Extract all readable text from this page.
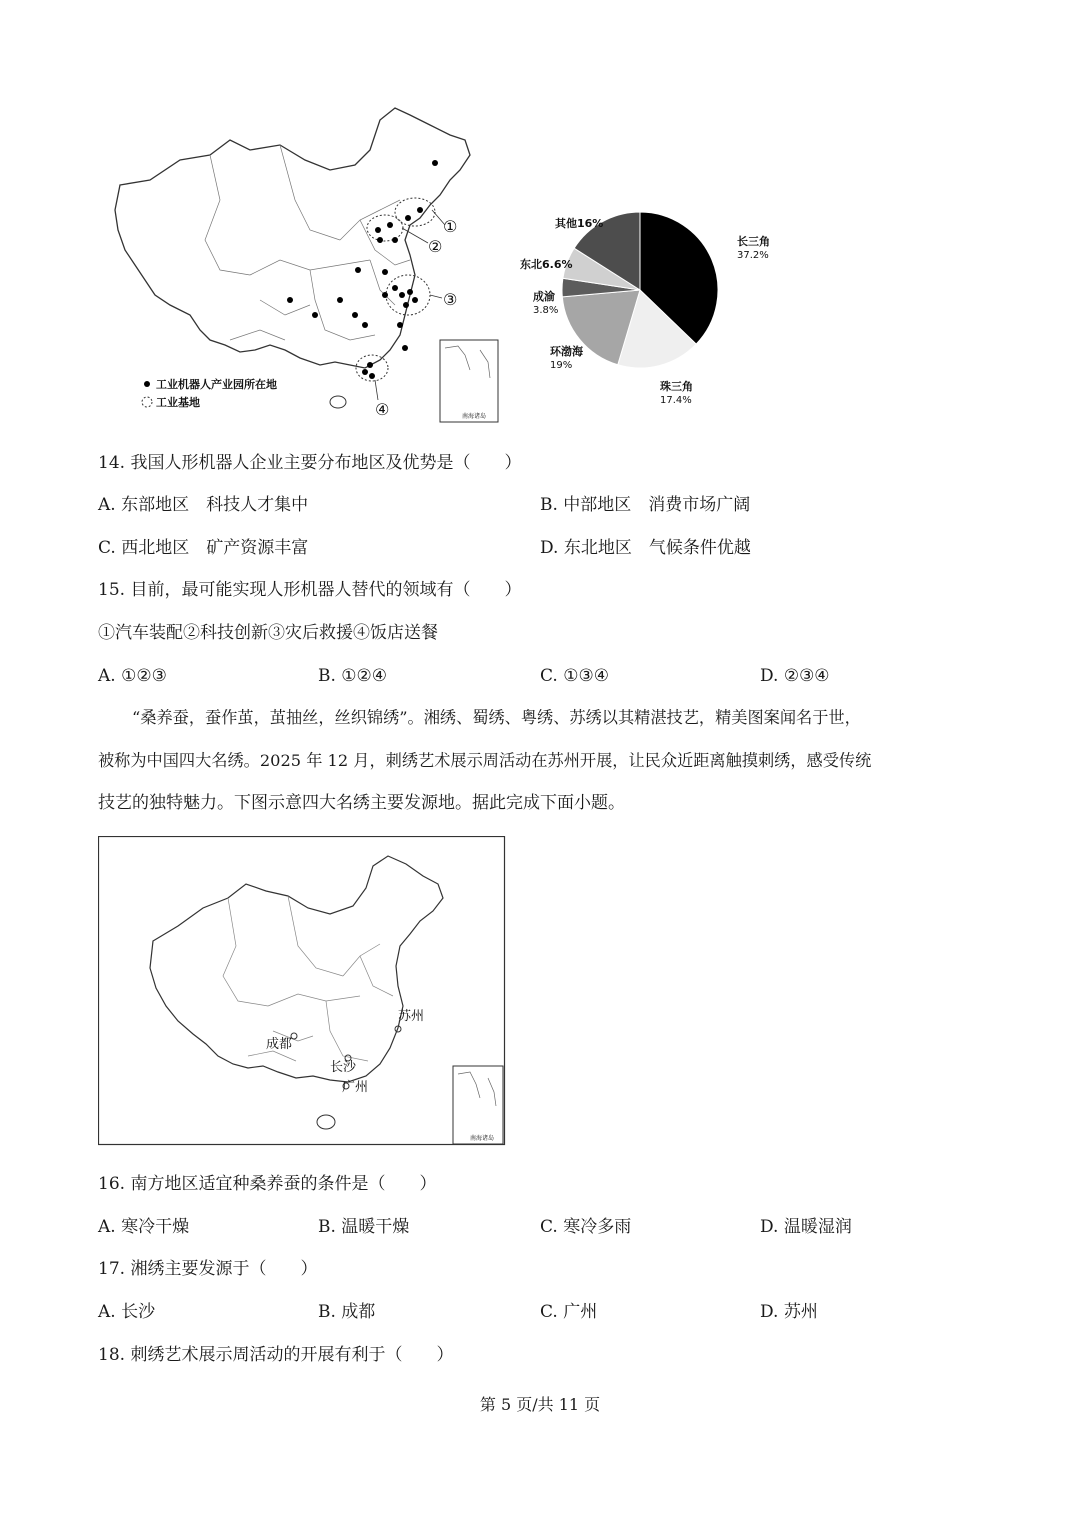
①
②
③
④
工业机器人产业园所在地
工业基地
南海诸岛
长三角
37.2%
珠三角
17.4%
环渤海
19%
成渝
3.8%
东北6.6%
其他16%
14. 我国人形机器人企业主要分布地区及优势是（　　）
A. 东部地区　科技人才集中	B. 中部地区　消费市场广阔
C. 西北地区　矿产资源丰富	D. 东北地区　气候条件优越
15. 目前，最可能实现人形机器人替代的领域有（　　）
①汽车装配②科技创新③灾后救援④饭店送餐
A. ①②③	B. ①②④	C. ①③④	D. ②③④
“桑养蚕，蚕作茧，茧抽丝，丝织锦绣”。湘绣、蜀绣、粤绣、苏绣以其精湛技艺，精美图案闻名于世，
被称为中国四大名绣。2025 年 12 月，刺绣艺术展示周活动在苏州开展，让民众近距离触摸刺绣，感受传统
技艺的独特魅力。下图示意四大名绣主要发源地。据此完成下面小题。
苏州
成都
长沙
广州
南海诸岛
16. 南方地区适宜种桑养蚕的条件是（　　）
A. 寒冷干燥	B. 温暖干燥	C. 寒冷多雨	D. 温暖湿润
17. 湘绣主要发源于（　　）
A. 长沙	B. 成都	C. 广州	D. 苏州
18. 刺绣艺术展示周活动的开展有利于（　　）
第 5 页/共 11 页
